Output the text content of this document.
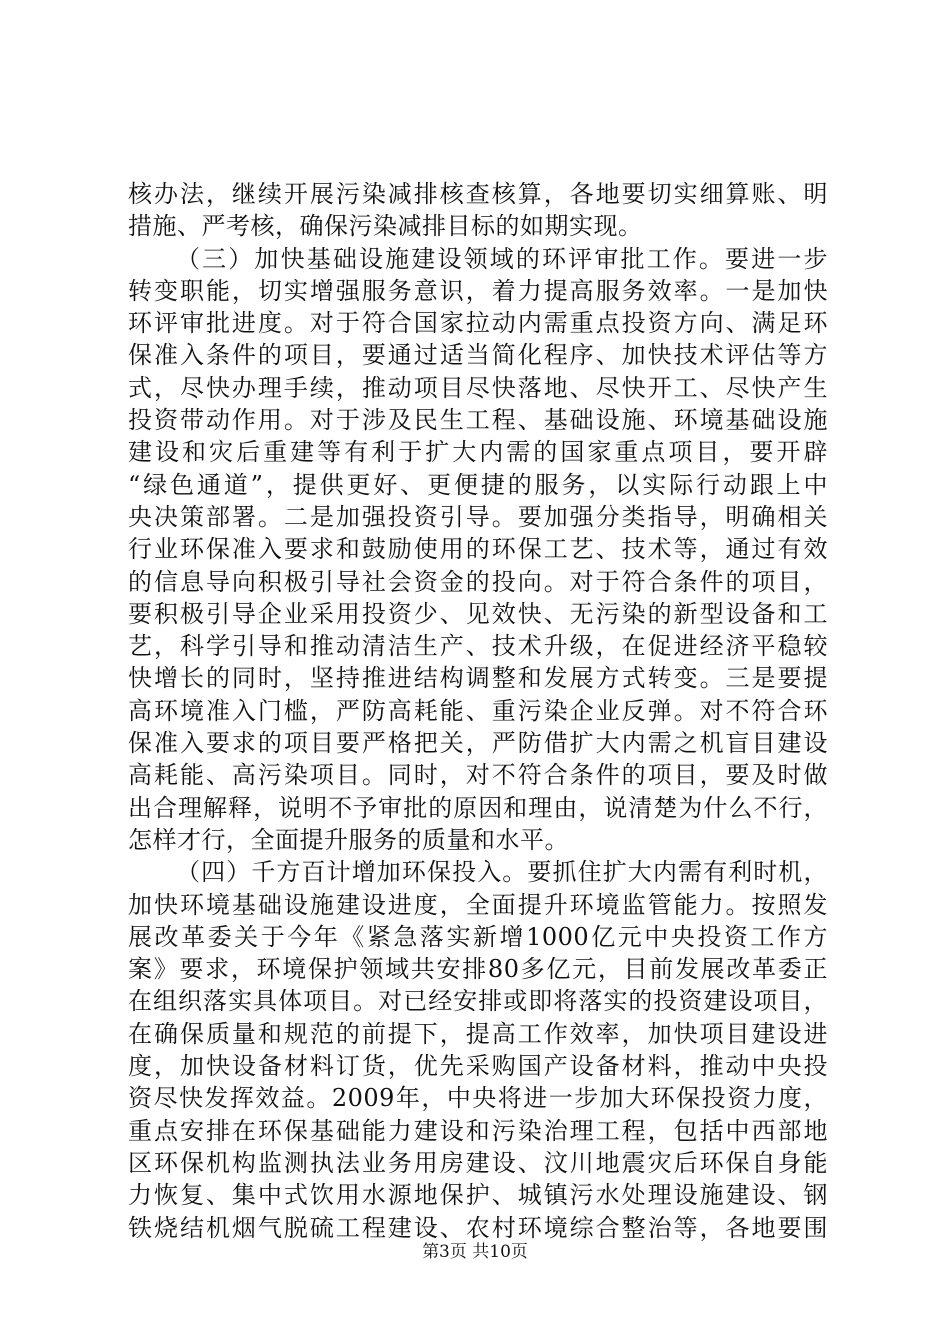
核办法，继续开展污染减排核查核算，各地要切实细算账、明
措施、严考核，确保污染减排目标的如期实现。
（三）加快基础设施建设领域的环评审批工作。要进一步
转变职能，切实增强服务意识，着力提高服务效率。一是加快
环评审批进度。对于符合国家拉动内需重点投资方向、满足环
保准入条件的项目，要通过适当简化程序、加快技术评估等方
式，尽快办理手续，推动项目尽快落地、尽快开工、尽快产生
投资带动作用。对于涉及民生工程、基础设施、环境基础设施
建设和灾后重建等有利于扩大内需的国家重点项目，要开辟
“绿色通道”，提供更好、更便捷的服务，以实际行动跟上中
央决策部署。二是加强投资引导。要加强分类指导，明确相关
行业环保准入要求和鼓励使用的环保工艺、技术等，通过有效
的信息导向积极引导社会资金的投向。对于符合条件的项目，
要积极引导企业采用投资少、见效快、无污染的新型设备和工
艺，科学引导和推动清洁生产、技术升级，在促进经济平稳较
快增长的同时，坚持推进结构调整和发展方式转变。三是要提
高环境准入门槛，严防高耗能、重污染企业反弹。对不符合环
保准入要求的项目要严格把关，严防借扩大内需之机盲目建设
高耗能、高污染项目。同时，对不符合条件的项目，要及时做
出合理解释，说明不予审批的原因和理由，说清楚为什么不行，
怎样才行，全面提升服务的质量和水平。
（四）千方百计增加环保投入。要抓住扩大内需有利时机，
加快环境基础设施建设进度，全面提升环境监管能力。按照发
展改革委关于今年《紧急落实新增1000亿元中央投资工作方
案》要求，环境保护领域共安排80多亿元，目前发展改革委正
在组织落实具体项目。对已经安排或即将落实的投资建设项目，
在确保质量和规范的前提下，提高工作效率，加快项目建设进
度，加快设备材料订货，优先采购国产设备材料，推动中央投
资尽快发挥效益。2009年，中央将进一步加大环保投资力度，
重点安排在环保基础能力建设和污染治理工程，包括中西部地
区环保机构监测执法业务用房建设、汶川地震灾后环保自身能
力恢复、集中式饮用水源地保护、城镇污水处理设施建设、钢
铁烧结机烟气脱硫工程建设、农村环境综合整治等，各地要围
第3页 共10页
